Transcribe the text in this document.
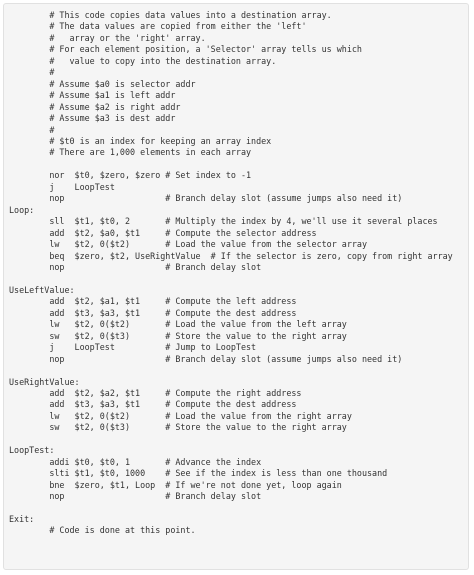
# This code copies data values into a destination array.
# The data values are copied from either the 'left'
#   array or the 'right' array.
# For each element position, a 'Selector' array tells us which
#   value to copy into the destination array.
#
# Assume $a0 is selector addr
# Assume $a1 is left addr
# Assume $a2 is right addr
# Assume $a3 is dest addr
#
# $t0 is an index for keeping an array index
# There are 1,000 elements in each array

nor  $t0, $zero, $zero # Set index to -1
j    LoopTest
nop                    # Branch delay slot (assume jumps also need it)
Loop:
sll  $t1, $t0, 2       # Multiply the index by 4, we'll use it several places
add  $t2, $a0, $t1     # Compute the selector address
lw   $t2, 0($t2)       # Load the value from the selector array
beq  $zero, $t2, UseRightValue  # If the selector is zero, copy from right array
nop                    # Branch delay slot

UseLeftValue:
add  $t2, $a1, $t1     # Compute the left address
add  $t3, $a3, $t1     # Compute the dest address
lw   $t2, 0($t2)       # Load the value from the left array
sw   $t2, 0($t3)       # Store the value to the right array
j    LoopTest          # Jump to LoopTest
nop                    # Branch delay slot (assume jumps also need it)

UseRightValue:
add  $t2, $a2, $t1     # Compute the right address
add  $t3, $a3, $t1     # Compute the dest address
lw   $t2, 0($t2)       # Load the value from the right array
sw   $t2, 0($t3)       # Store the value to the right array

LoopTest:
addi $t0, $t0, 1       # Advance the index
slti $t1, $t0, 1000    # See if the index is less than one thousand
bne  $zero, $t1, Loop  # If we're not done yet, loop again
nop                    # Branch delay slot

Exit:
# Code is done at this point.
